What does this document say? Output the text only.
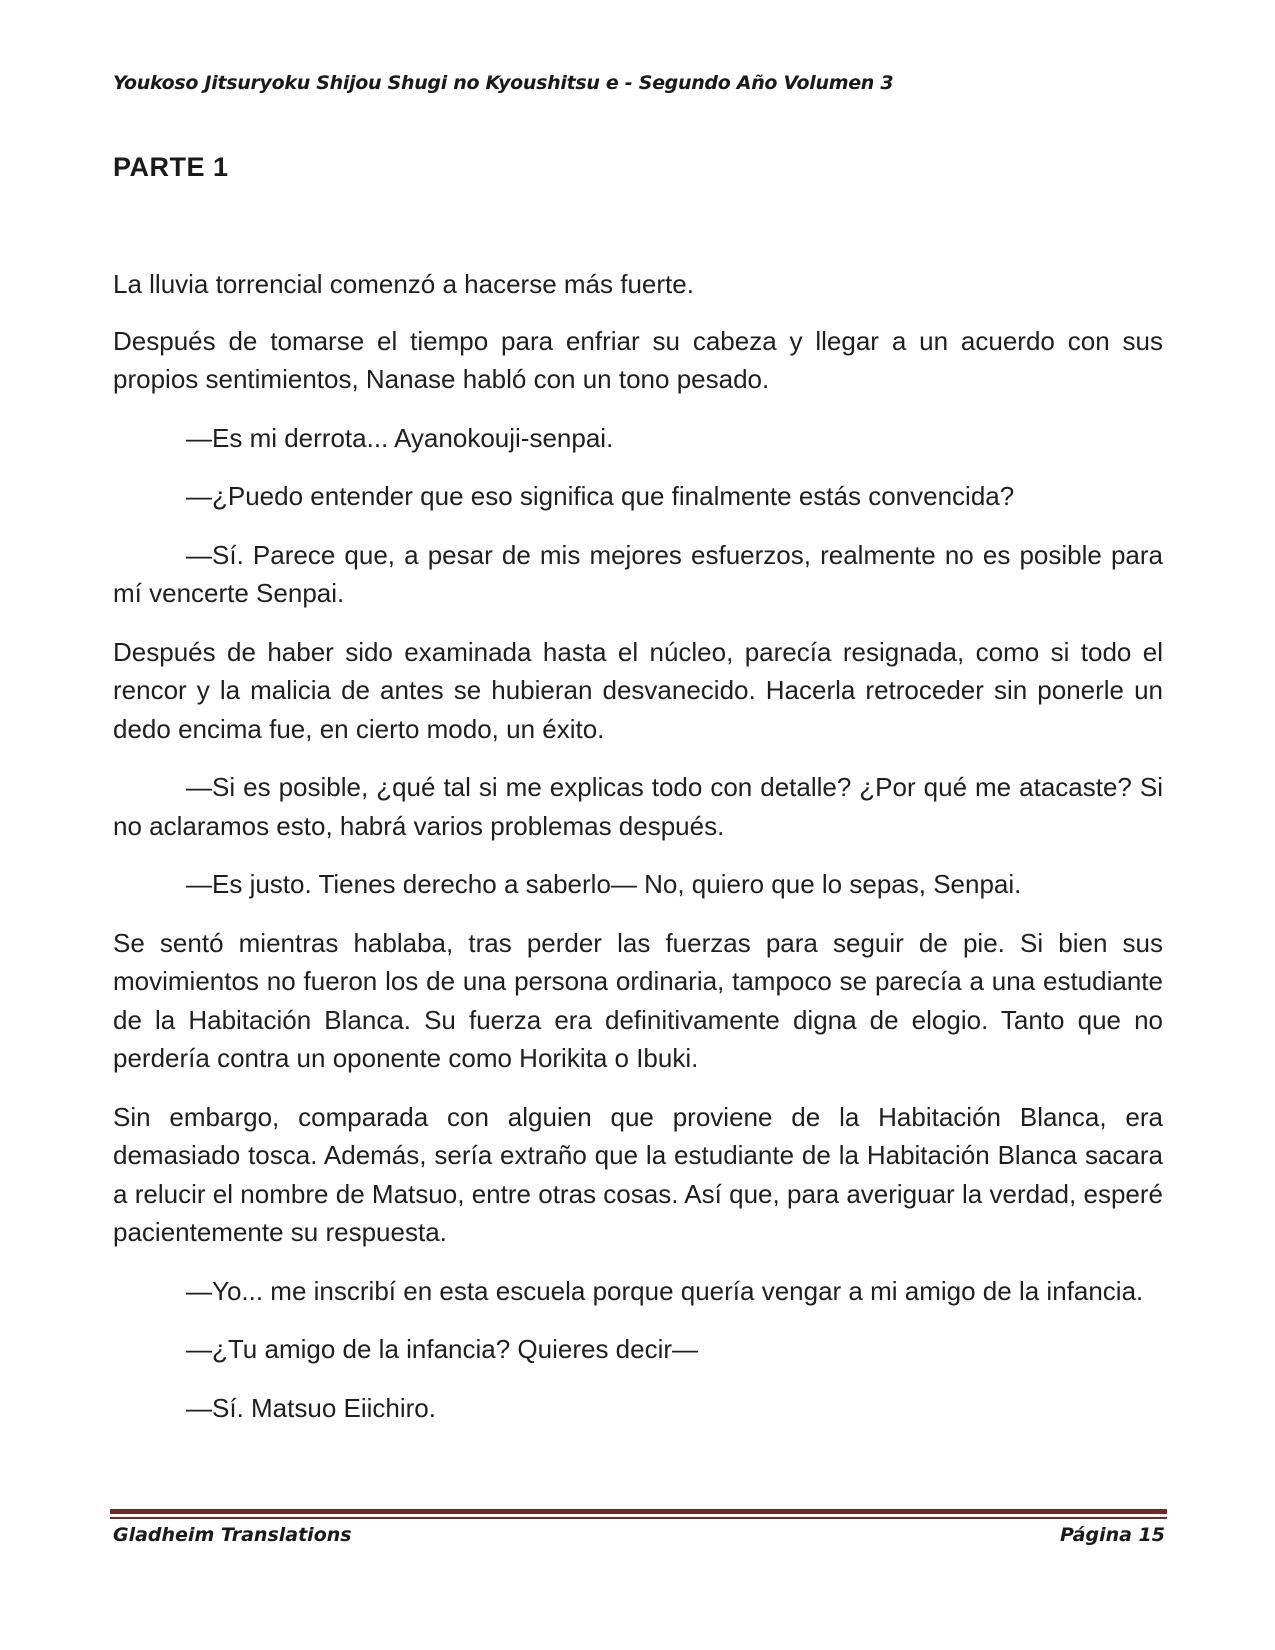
Youkoso Jitsuryoku Shijou Shugi no Kyoushitsu e - Segundo Año Volumen 3
PARTE 1

La lluvia torrencial comenzó a hacerse más fuerte.

Después de tomarse el tiempo para enfriar su cabeza y llegar a un acuerdo con sus propios sentimientos, Nanase habló con un tono pesado.

—Es mi derrota... Ayanokouji-senpai.

—¿Puedo entender que eso significa que finalmente estás convencida?

—Sí. Parece que, a pesar de mis mejores esfuerzos, realmente no es posible para mí vencerte Senpai.

Después de haber sido examinada hasta el núcleo, parecía resignada, como si todo el rencor y la malicia de antes se hubieran desvanecido. Hacerla retroceder sin ponerle un dedo encima fue, en cierto modo, un éxito.

—Si es posible, ¿qué tal si me explicas todo con detalle? ¿Por qué me atacaste? Si no aclaramos esto, habrá varios problemas después.

—Es justo. Tienes derecho a saberlo— No, quiero que lo sepas, Senpai.

Se sentó mientras hablaba, tras perder las fuerzas para seguir de pie. Si bien sus movimientos no fueron los de una persona ordinaria, tampoco se parecía a una estudiante de la Habitación Blanca. Su fuerza era definitivamente digna de elogio. Tanto que no perdería contra un oponente como Horikita o Ibuki.

Sin embargo, comparada con alguien que proviene de la Habitación Blanca, era demasiado tosca. Además, sería extraño que la estudiante de la Habitación Blanca sacara a relucir el nombre de Matsuo, entre otras cosas. Así que, para averiguar la verdad, esperé pacientemente su respuesta.

—Yo... me inscribí en esta escuela porque quería vengar a mi amigo de la infancia.

—¿Tu amigo de la infancia? Quieres decir—

—Sí. Matsuo Eiichiro.

Gladheim Translations	Página 15
